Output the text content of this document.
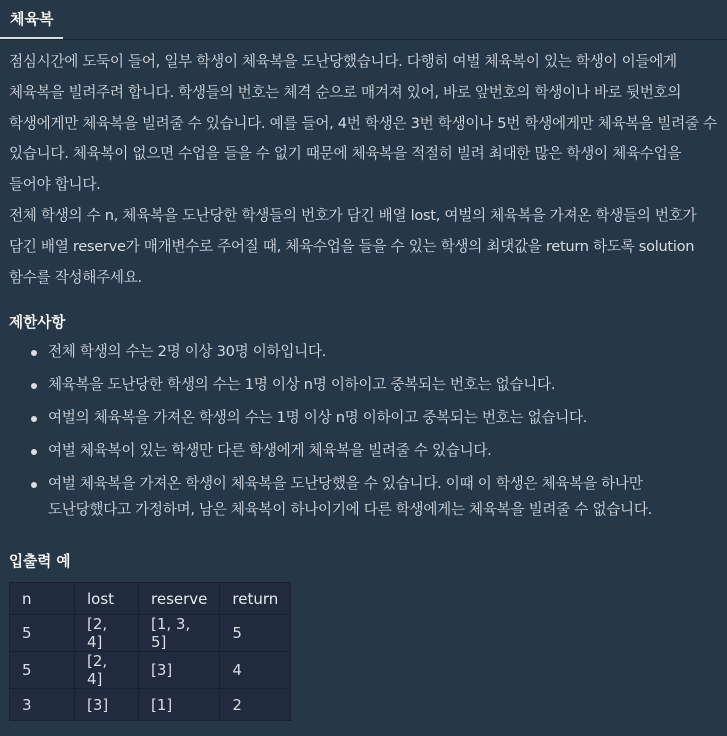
체육복

점심시간에 도둑이 들어, 일부 학생이 체육복을 도난당했습니다. 다행히 여벌 체육복이 있는 학생이 이들에게 체육복을 빌려주려 합니다. 학생들의 번호는 체격 순으로 매겨져 있어, 바로 앞번호의 학생이나 바로 뒷번호의 학생에게만 체육복을 빌려줄 수 있습니다. 예를 들어, 4번 학생은 3번 학생이나 5번 학생에게만 체육복을 빌려줄 수 있습니다. 체육복이 없으면 수업을 들을 수 없기 때문에 체육복을 적절히 빌려 최대한 많은 학생이 체육수업을 들어야 합니다.

전체 학생의 수 n, 체육복을 도난당한 학생들의 번호가 담긴 배열 lost, 여벌의 체육복을 가져온 학생들의 번호가 담긴 배열 reserve가 매개변수로 주어질 때, 체육수업을 들을 수 있는 학생의 최댓값을 return 하도록 solution 함수를 작성해주세요.

제한사항
전체 학생의 수는 2명 이상 30명 이하입니다.
체육복을 도난당한 학생의 수는 1명 이상 n명 이하이고 중복되는 번호는 없습니다.
여벌의 체육복을 가져온 학생의 수는 1명 이상 n명 이하이고 중복되는 번호는 없습니다.
여벌 체육복이 있는 학생만 다른 학생에게 체육복을 빌려줄 수 있습니다.
여벌 체육복을 가져온 학생이 체육복을 도난당했을 수 있습니다. 이때 이 학생은 체육복을 하나만 도난당했다고 가정하며, 남은 체육복이 하나이기에 다른 학생에게는 체육복을 빌려줄 수 없습니다.
입출력 예
n	lost	reserve	return
5	[2, 4]	[1, 3, 5]	5
5	[2, 4]	[3]	4
3	[3]	[1]	2
